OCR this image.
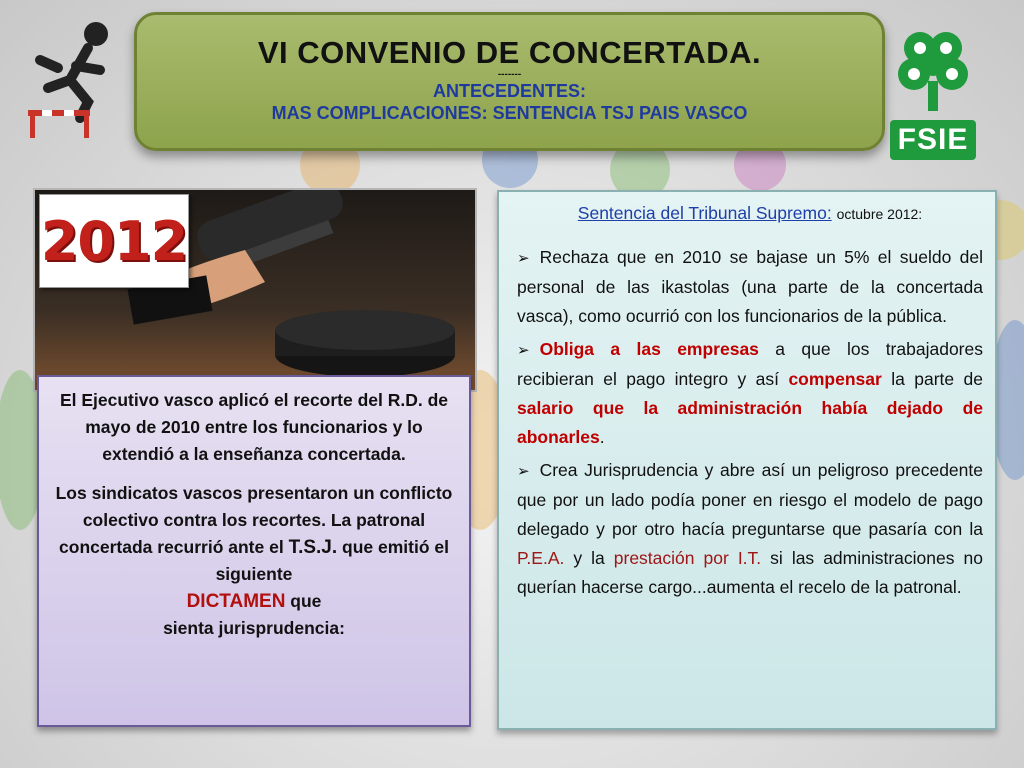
VI CONVENIO DE CONCERTADA.
-------
ANTECEDENTES:
MAS COMPLICACIONES: SENTENCIA TSJ PAIS VASCO
FSIE
2012

El Ejecutivo vasco aplicó el recorte del R.D. de mayo de 2010 entre los funcionarios y lo extendió a la enseñanza concertada.

Los sindicatos vascos presentaron un conflicto colectivo contra los recortes. La patronal concertada recurrió ante el T.S.J. que emitió el siguiente
DICTAMEN que
sienta jurisprudencia:

Sentencia del Tribunal Supremo: octubre 2012:
➢ Rechaza que en 2010 se bajase un 5% el sueldo del personal de las ikastolas (una parte de la concertada vasca), como ocurrió con los funcionarios de la pública.
➢ Obliga a las empresas a que los trabajadores recibieran el pago integro y así compensar la parte de salario que la administración había dejado de abonarles.
➢ Crea Jurisprudencia y abre así un peligroso precedente que por un lado podía poner en riesgo el modelo de pago delegado y por otro hacía preguntarse que pasaría con la P.E.A. y la prestación por I.T. si las administraciones no querían hacerse cargo...aumenta el recelo de la patronal.
